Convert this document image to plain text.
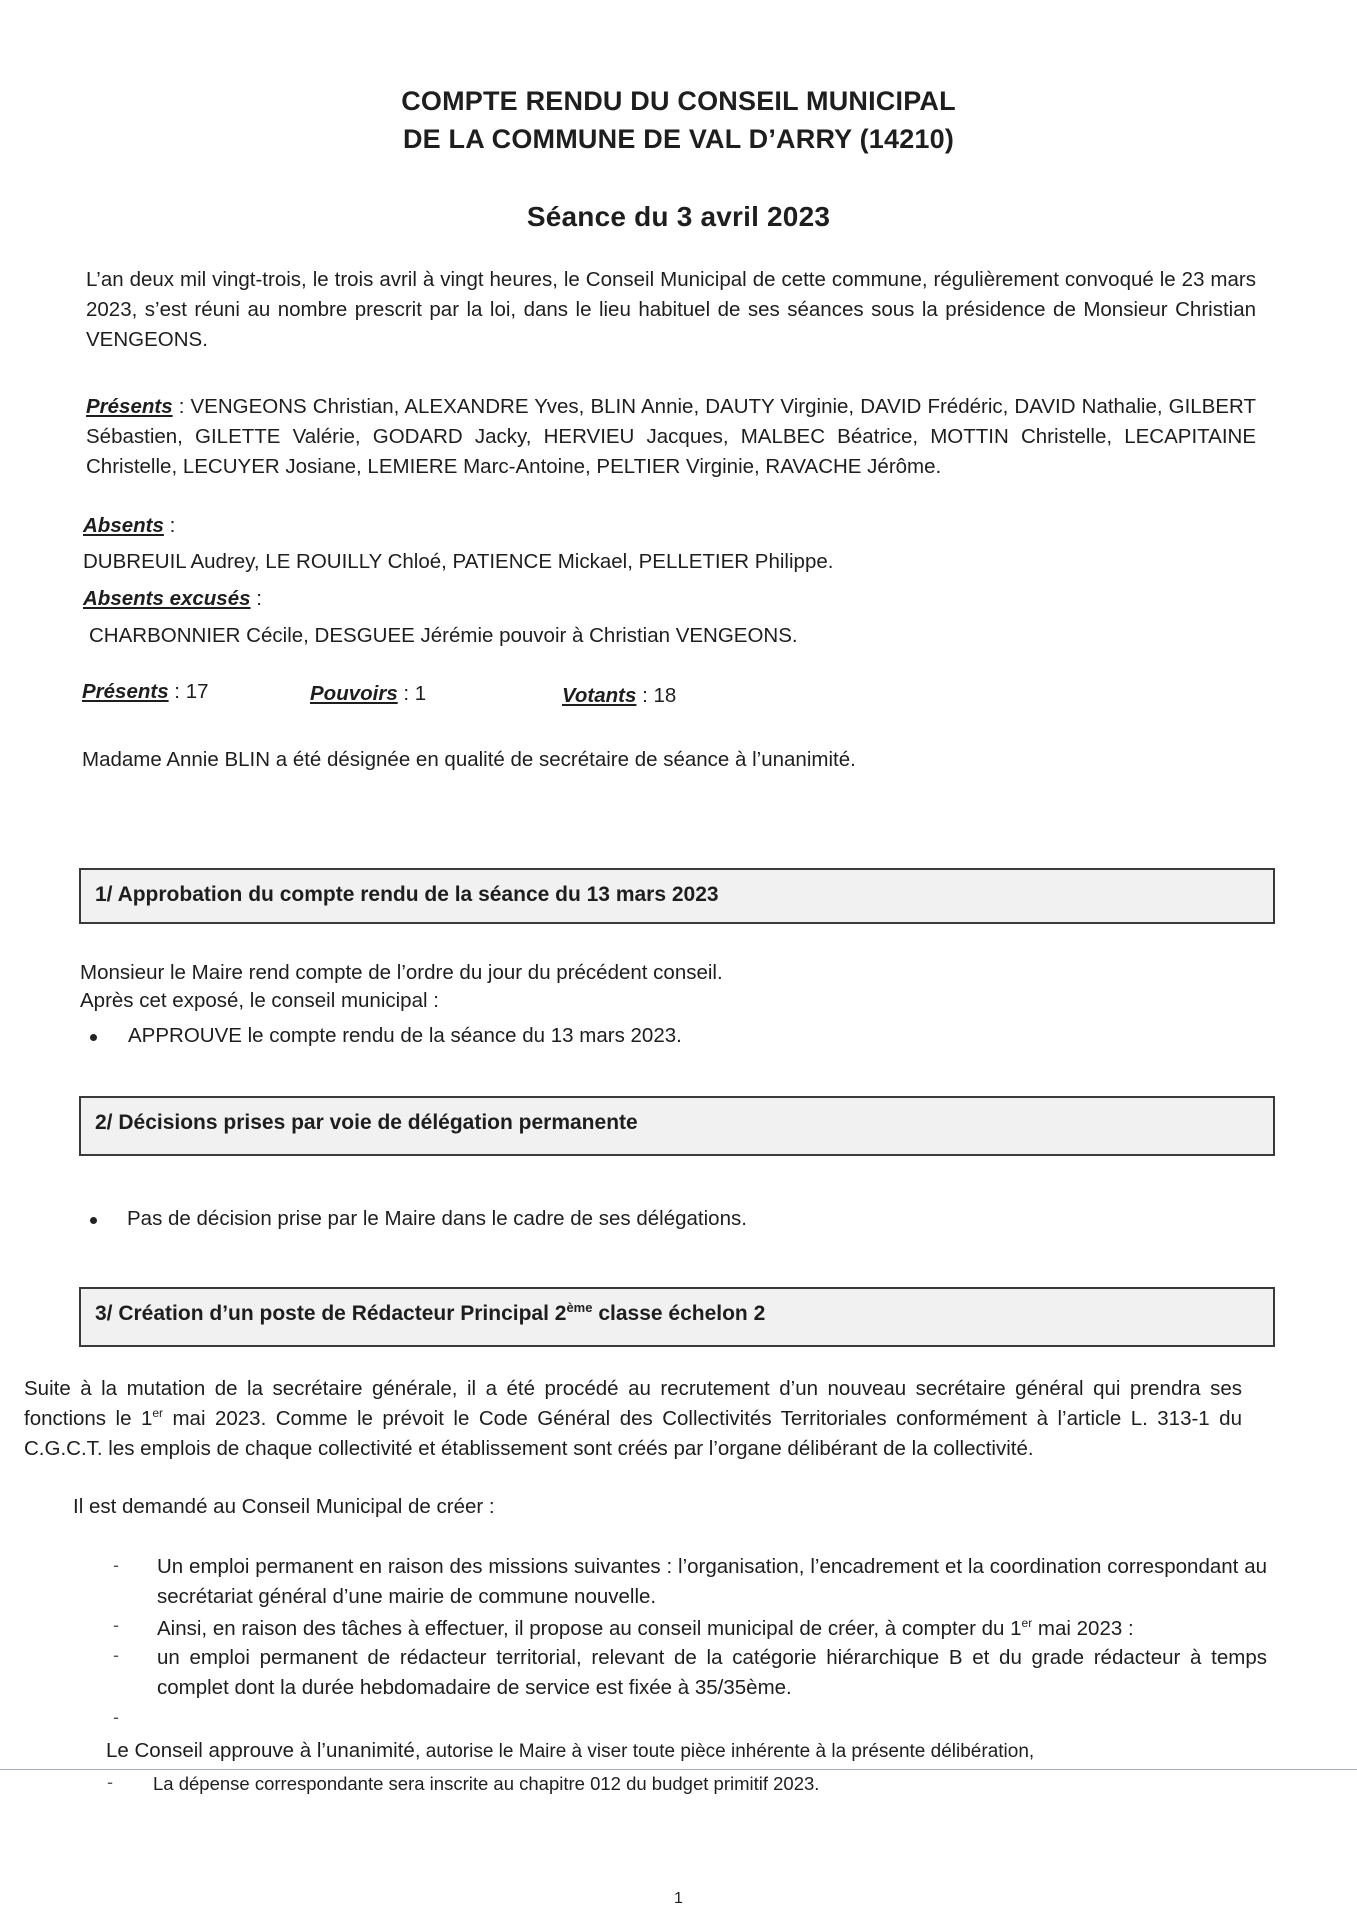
COMPTE RENDU DU CONSEIL MUNICIPAL
DE LA COMMUNE DE VAL D’ARRY (14210)
Séance du 3 avril 2023
L’an deux mil vingt-trois, le trois avril à vingt heures, le Conseil Municipal de cette commune, régulièrement convoqué le 23 mars 2023, s’est réuni au nombre prescrit par la loi, dans le lieu habituel de ses séances sous la présidence de Monsieur Christian VENGEONS.
Présents : VENGEONS Christian, ALEXANDRE Yves, BLIN Annie, DAUTY Virginie, DAVID Frédéric, DAVID Nathalie, GILBERT Sébastien, GILETTE Valérie, GODARD Jacky, HERVIEU Jacques, MALBEC Béatrice, MOTTIN Christelle, LECAPITAINE Christelle, LECUYER Josiane, LEMIERE Marc-Antoine, PELTIER Virginie, RAVACHE Jérôme.
Absents :
DUBREUIL Audrey, LE ROUILLY Chloé, PATIENCE Mickael, PELLETIER Philippe.
Absents excusés :
CHARBONNIER Cécile, DESGUEE Jérémie pouvoir à Christian VENGEONS.
Présents : 17	Pouvoirs : 1	Votants : 18
Madame Annie BLIN a été désignée en qualité de secrétaire de séance à l’unanimité.
1/ Approbation du compte rendu de la séance du 13 mars 2023
Monsieur le Maire rend compte de l’ordre du jour du précédent conseil.
Après cet exposé, le conseil municipal :
APPROUVE le compte rendu de la séance du 13 mars 2023.
2/ Décisions prises par voie de délégation permanente
Pas de décision prise par le Maire dans le cadre de ses délégations.
3/ Création d’un poste de Rédacteur Principal 2ème classe échelon 2
Suite à la mutation de la secrétaire générale, il a été procédé au recrutement d’un nouveau secrétaire général qui prendra ses fonctions le 1er mai 2023. Comme le prévoit le Code Général des Collectivités Territoriales conformément à l’article L. 313-1 du C.G.C.T. les emplois de chaque collectivité et établissement sont créés par l’organe délibérant de la collectivité.
Il est demandé au Conseil Municipal de créer :
- Un emploi permanent en raison des missions suivantes : l’organisation, l’encadrement et la coordination correspondant au secrétariat général d’une mairie de commune nouvelle.
- Ainsi, en raison des tâches à effectuer, il propose au conseil municipal de créer, à compter du 1er mai 2023 :
- un emploi permanent de rédacteur territorial, relevant de la catégorie hiérarchique B et du grade rédacteur à temps complet dont la durée hebdomadaire de service est fixée à 35/35ème.
-
Le Conseil approuve à l’unanimité, autorise le Maire à viser toute pièce inhérente à la présente délibération,
- La dépense correspondante sera inscrite au chapitre 012 du budget primitif 2023.
1
